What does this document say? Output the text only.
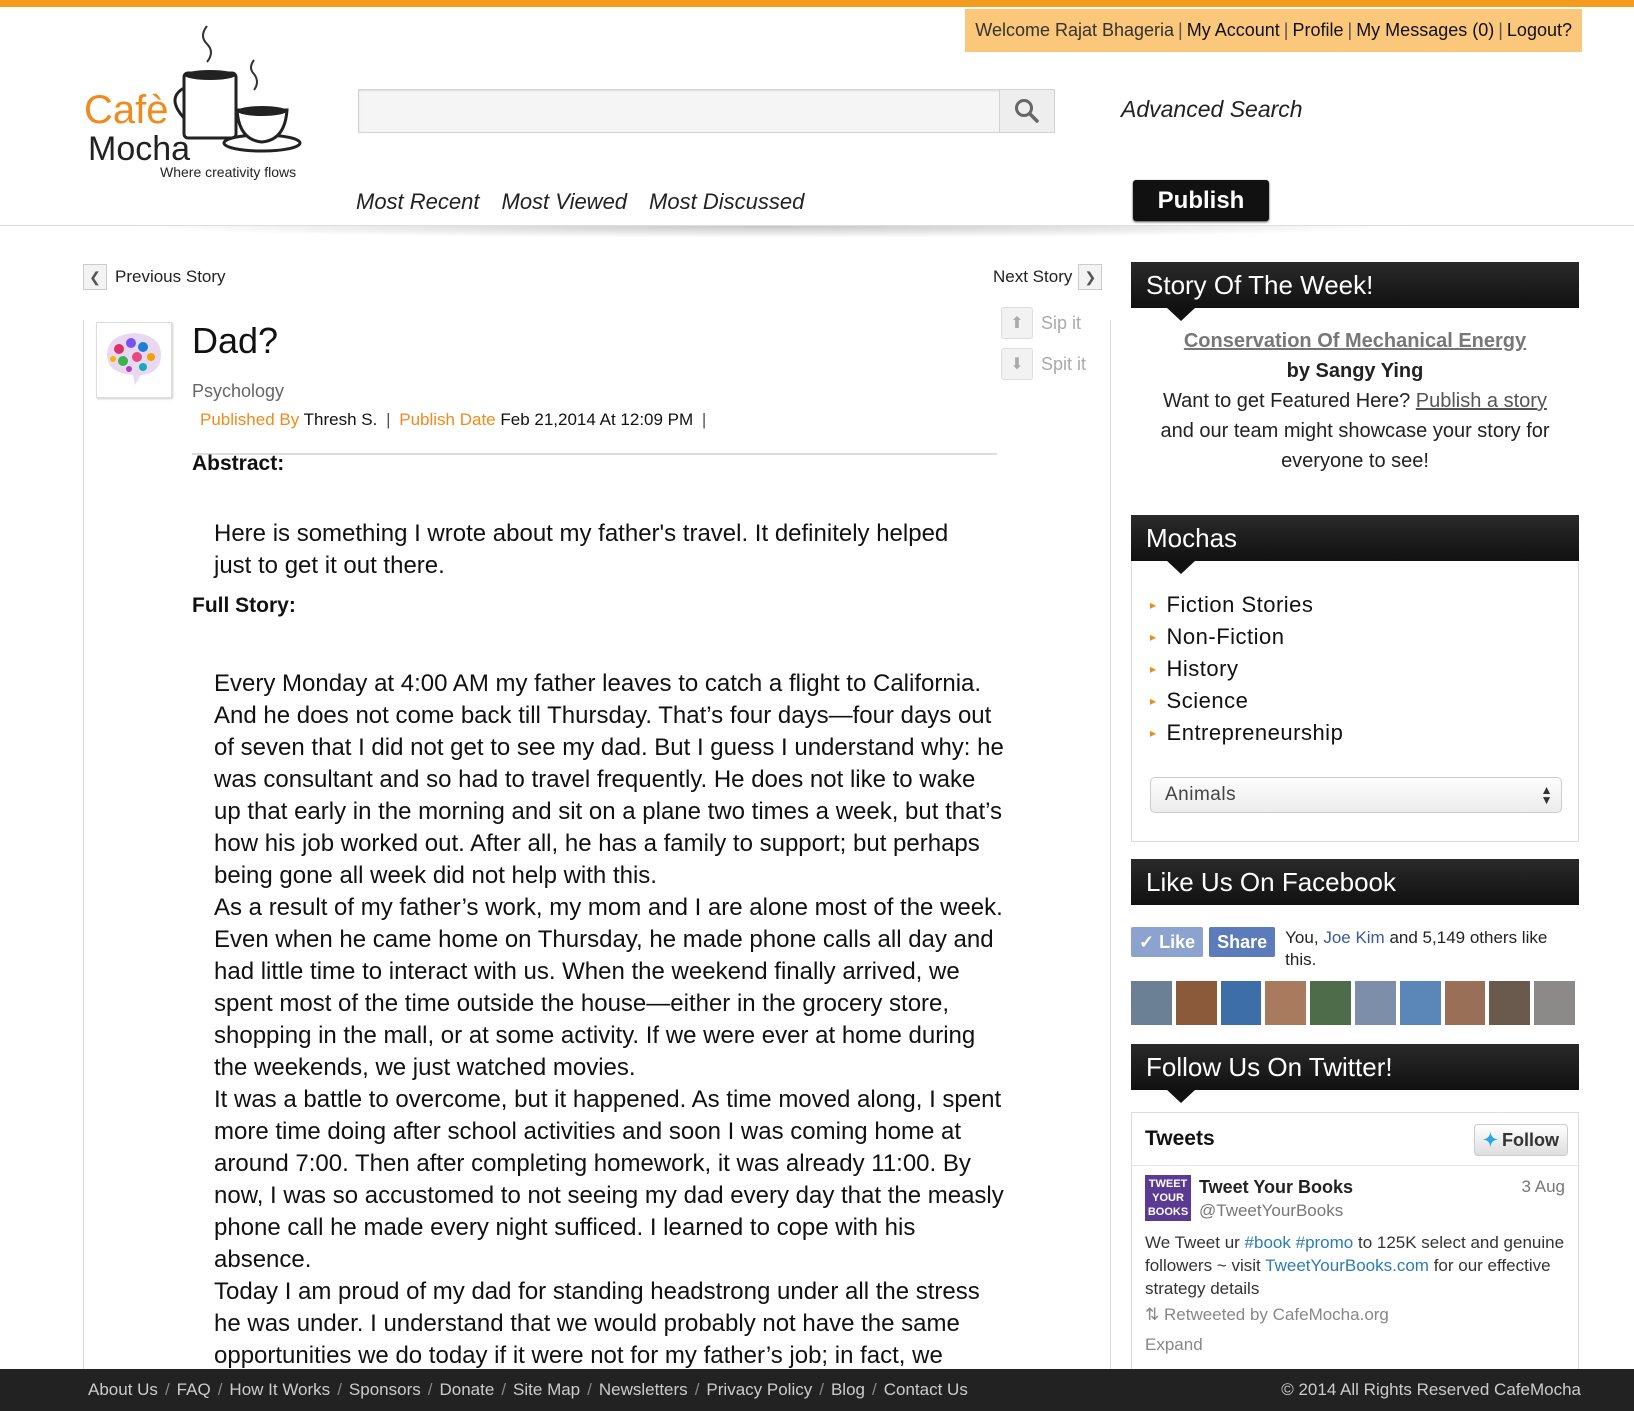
Welcome Rajat Bhageria | My Account | Profile | My Messages (0) | Logout?
Cafè
Mocha
Where creativity flows
Advanced Search
Most Recent Most Viewed Most Discussed	Publish
❮ Previous Story	Next Story ❯
Dad?
Psychology
Published By Thresh S. | Publish Date Feb 21,2014 At 12:09 PM |
⬆ Sip it
⬇ Spit it
Abstract:
Here is something I wrote about my father's travel. It definitely helped just to get it out there.
Full Story:

Every Monday at 4:00 AM my father leaves to catch a flight to California. And he does not come back till Thursday. That’s four days—four days out of seven that I did not get to see my dad. But I guess I understand why: he was consultant and so had to travel frequently. He does not like to wake up that early in the morning and sit on a plane two times a week, but that’s how his job worked out. After all, he has a family to support; but perhaps being gone all week did not help with this.

As a result of my father’s work, my mom and I are alone most of the week. Even when he came home on Thursday, he made phone calls all day and had little time to interact with us. When the weekend finally arrived, we spent most of the time outside the house—either in the grocery store, shopping in the mall, or at some activity. If we were ever at home during the weekends, we just watched movies.

It was a battle to overcome, but it happened. As time moved along, I spent more time doing after school activities and soon I was coming home at around 7:00. Then after completing homework, it was already 11:00. By now, I was so accustomed to not seeing my dad every day that the measly phone call he made every night sufficed. I learned to cope with his absence.

Today I am proud of my dad for standing headstrong under all the stress he was under. I understand that we would probably not have the same opportunities we do today if it were not for my father’s job; in fact, we

Story Of The Week!
Conservation Of Mechanical Energy
by Sangy Ying
Want to get Featured Here? Publish a story
and our team might showcase your story for everyone to see!
Mochas
▸ Fiction Stories
▸ Non-Fiction
▸ History
▸ Science
▸ Entrepreneurship
Animals	▲
▼
Like Us On Facebook
✓ Like	Share	You, Joe Kim and 5,149 others like this.
Follow Us On Twitter!
Tweets	✦ Follow
TWEET
YOUR
BOOKS
Tweet Your Books
@TweetYourBooks
3 Aug
We Tweet ur #book #promo to 125K select and genuine followers ~ visit TweetYourBooks.com for our effective strategy details
⇅ Retweeted by CafeMocha.org
Expand
About Us / FAQ / How It Works / Sponsors / Donate / Site Map / Newsletters / Privacy Policy / Blog / Contact Us	© 2014 All Rights Reserved CafeMocha
